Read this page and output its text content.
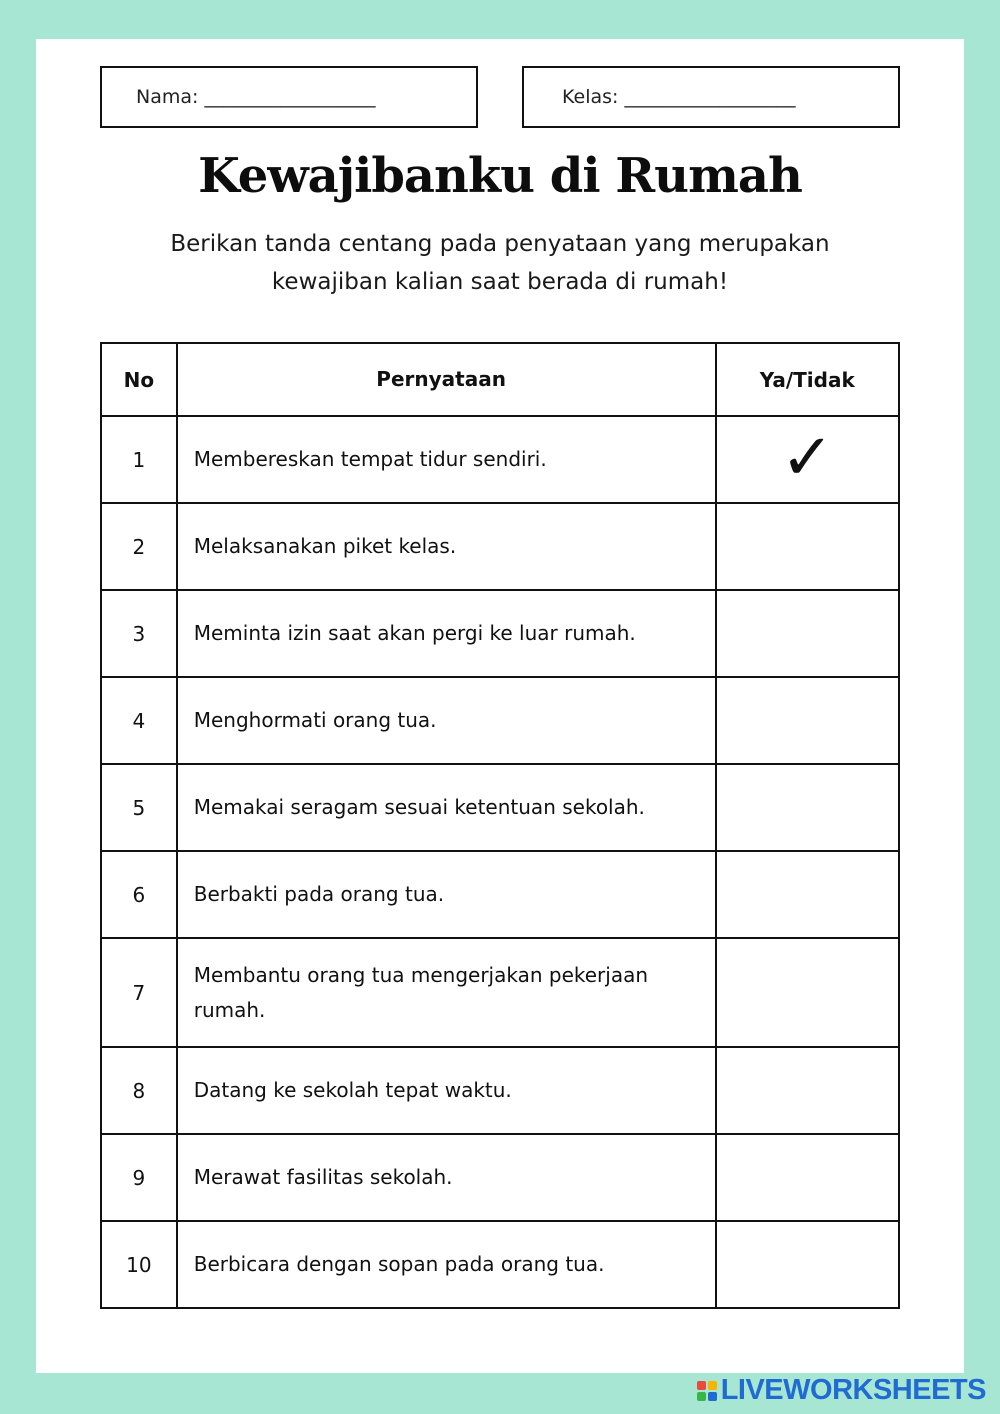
Nama: __________________	Kelas: __________________
Kewajibanku di Rumah
Berikan tanda centang pada penyataan yang merupakan kewajiban kalian saat berada di rumah!
No	Pernyataan	Ya/Tidak
1	Membereskan tempat tidur sendiri.	✓
2	Melaksanakan piket kelas.	
3	Meminta izin saat akan pergi ke luar rumah.	
4	Menghormati orang tua.	
5	Memakai seragam sesuai ketentuan sekolah.	
6	Berbakti pada orang tua.	
7	Membantu orang tua mengerjakan pekerjaan rumah.	
8	Datang ke sekolah tepat waktu.	
9	Merawat fasilitas sekolah.	
10	Berbicara dengan sopan pada orang tua.	
LIVEWORKSHEETS
